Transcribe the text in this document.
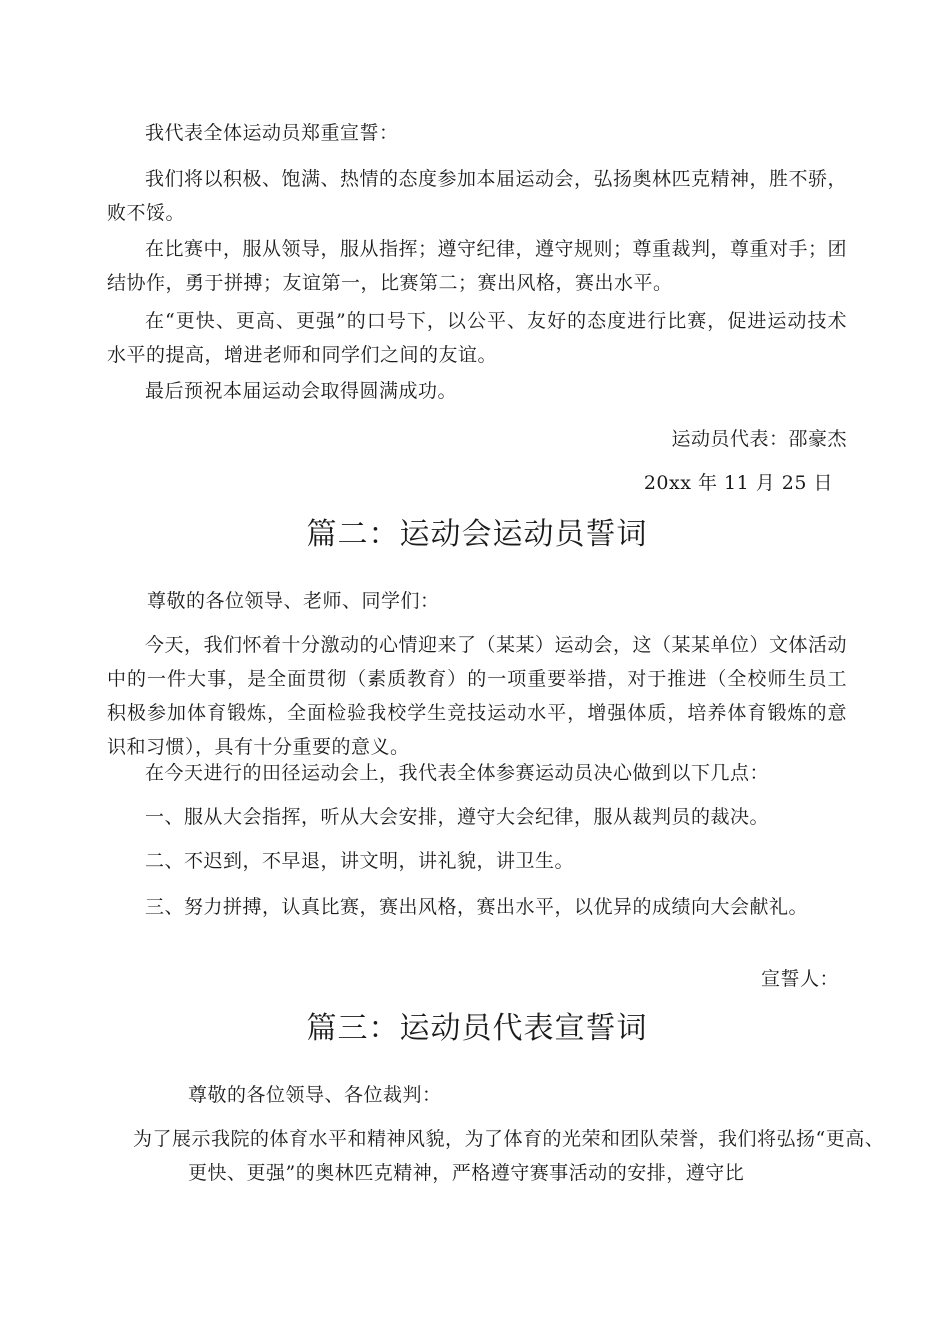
我代表全体运动员郑重宣誓：

我们将以积极、饱满、热情的态度参加本届运动会，弘扬奥林匹克精神，胜不骄，败不馁。

在比赛中，服从领导，服从指挥；遵守纪律，遵守规则；尊重裁判，尊重对手；团结协作，勇于拼搏；友谊第一，比赛第二；赛出风格，赛出水平。

在“更快、更高、更强”的口号下，以公平、友好的态度进行比赛，促进运动技术水平的提高，增进老师和同学们之间的友谊。

最后预祝本届运动会取得圆满成功。

运动员代表：邵豪杰

20xx 年 11 月 25 日

篇二：运动会运动员誓词

尊敬的各位领导、老师、同学们：

今天，我们怀着十分激动的心情迎来了（某某）运动会，这（某某单位）文体活动中的一件大事，是全面贯彻（素质教育）的一项重要举措，对于推进（全校师生员工积极参加体育锻炼，全面检验我校学生竞技运动水平，增强体质，培养体育锻炼的意识和习惯），具有十分重要的意义。

在今天进行的田径运动会上，我代表全体参赛运动员决心做到以下几点：

一、服从大会指挥，听从大会安排，遵守大会纪律，服从裁判员的裁决。

二、不迟到，不早退，讲文明，讲礼貌，讲卫生。

三、努力拼搏，认真比赛，赛出风格，赛出水平，以优异的成绩向大会献礼。

宣誓人：

篇三：运动员代表宣誓词

尊敬的各位领导、各位裁判：

为了展示我院的体育水平和精神风貌，为了体育的光荣和团队荣誉，我们将弘扬“更高、更快、更强”的奥林匹克精神，严格遵守赛事活动的安排，遵守比
